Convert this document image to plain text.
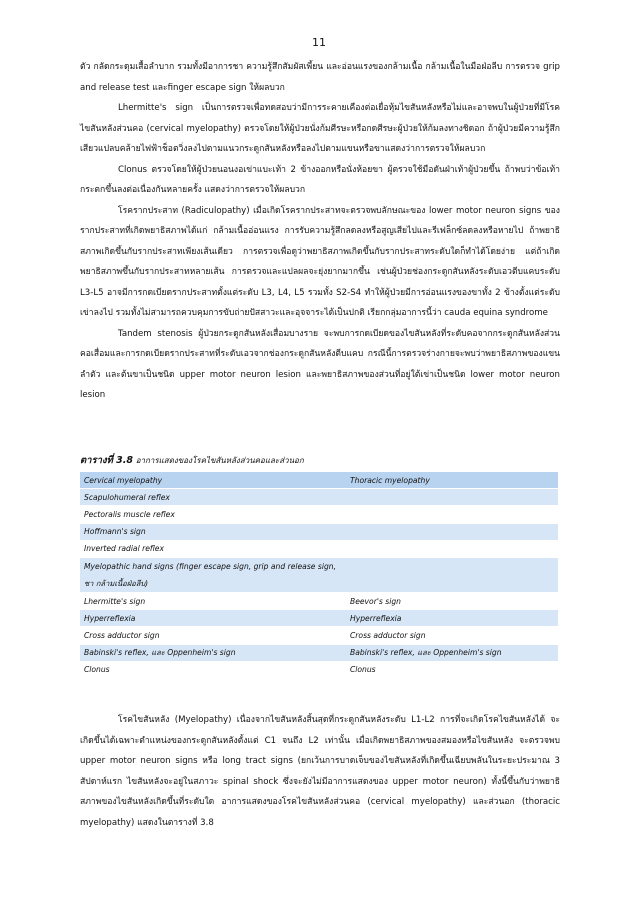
11

ตัว กลัดกระดุมเสื้อลำบาก รวมทั้งมีอาการชา ความรู้สึกสัมผัสเพี้ยน และอ่อนแรงของกล้ามเนื้อ กล้ามเนื้อในมือฝ่อลีบ การตรวจ grip and release test และfinger escape sign ให้ผลบวก

Lhermitte's sign เป็นการตรวจเพื่อทดสอบว่ามีการระคายเคืองต่อเยื่อหุ้มไขสันหลังหรือไม่และอาจพบในผู้ป่วยที่มีโรคไขสันหลังส่วนคอ (cervical myelopathy) ตรวจโดยให้ผู้ป่วยนั่งก้มศีรษะหรือกดศีรษะผู้ป่วยให้ก้มลงทางชิดอก ถ้าผู้ป่วยมีความรู้สึกเสียวแปลบคล้ายไฟฟ้าช็อตวิ่งลงไปตามแนวกระดูกสันหลังหรือลงไปตามแขนหรือขาแสดงว่าการตรวจให้ผลบวก

Clonus ตรวจโดยให้ผู้ป่วยนอนงอเข่าแบะเท้า 2 ข้างออกหรือนั่งห้อยขา ผู้ตรวจใช้มือดันฝ่าเท้าผู้ป่วยขึ้น ถ้าพบว่าข้อเท้ากระตกขึ้นลงต่อเนื่องกันหลายครั้ง แสดงว่าการตรวจให้ผลบวก

โรครากประสาท (Radiculopathy) เมื่อเกิดโรครากประสาทจะตรวจพบลักษณะของ lower motor neuron signs ของรากประสาทที่เกิดพยาธิสภาพได้แก่ กล้ามเนื้ออ่อนแรง การรับความรู้สึกลดลงหรือสูญเสียไปและรีเฟล็กซ์ลดลงหรือหายไป ถ้าพยาธิสภาพเกิดขึ้นกับรากประสาทเพียงเส้นเดียว การตรวจเพื่อดูว่าพยาธิสภาพเกิดขึ้นกับรากประสาทระดับใดก็ทำได้โดยง่าย แต่ถ้าเกิดพยาธิสภาพขึ้นกับรากประสาทหลายเส้น การตรวจและแปลผลจะยุ่งยากมากขึ้น เช่นผู้ป่วยช่องกระดูกสันหลังระดับเอวตีบแคบระดับ L3-L5 อาจมีการกดเบียดรากประสาทตั้งแต่ระดับ L3, L4, L5 รวมทั้ง S2-S4 ทำให้ผู้ป่วยมีการอ่อนแรงของขาทั้ง 2 ข้างตั้งแต่ระดับเข่าลงไป รวมทั้งไม่สามารถควบคุมการขับถ่ายปัสสาวะและอุจจาระได้เป็นปกติ เรียกกลุ่มอาการนี้ว่า cauda equina syndrome

Tandem stenosis ผู้ป่วยกระดูกสันหลังเสื่อมบางราย จะพบการกดเบียดของไขสันหลังที่ระดับคอจากกระดูกสันหลังส่วนคอเสื่อมและการกดเบียดรากประสาทที่ระดับเอวจากช่องกระดูกสันหลังตีบแคบ กรณีนี้การตรวจร่างกายจะพบว่าพยาธิสภาพของแขน ลำตัว และต้นขาเป็นชนิด upper motor neuron lesion และพยาธิสภาพของส่วนที่อยู่ใต้เข่าเป็นชนิด lower motor neuron lesion

ตารางที่ 3.8 อาการแสดงของโรคไขสันหลังส่วนคอและส่วนอก
Cervical myelopathy	Thoracic myelopathy
Scapulohumeral reflex	
Pectoralis muscle reflex	
Hoffmann's sign	
Inverted radial reflex	
Myelopathic hand signs (finger escape sign, grip and release sign, ชา กล้ามเนื้อฝ่อลีบ)	
Lhermitte's sign	Beevor's sign
Hyperreflexia	Hyperreflexia
Cross adductor sign	Cross adductor sign
Babinski's reflex, และ Oppenheim's sign	Babinski's reflex, และ Oppenheim's sign
Clonus	Clonus

โรคไขสันหลัง (Myelopathy) เนื่องจากไขสันหลังสิ้นสุดที่กระดูกสันหลังระดับ L1-L2 การที่จะเกิดโรคไขสันหลังได้ จะเกิดขึ้นได้เฉพาะตำแหน่งของกระดูกสันหลังตั้งแต่ C1 จนถึง L2 เท่านั้น เมื่อเกิดพยาธิสภาพของสมองหรือไขสันหลัง จะตรวจพบ upper motor neuron signs หรือ long tract signs (ยกเว้นการบาดเจ็บของไขสันหลังที่เกิดขึ้นเฉียบพลันในระยะประมาณ 3 สัปดาห์แรก ไขสันหลังจะอยู่ในสภาวะ spinal shock ซึ่งจะยังไม่มีอาการแสดงของ upper motor neuron) ทั้งนี้ขึ้นกับว่าพยาธิสภาพของไขสันหลังเกิดขึ้นที่ระดับใด อาการแสดงของโรคไขสันหลังส่วนคอ (cervical myelopathy) และส่วนอก (thoracic myelopathy) แสดงในตารางที่ 3.8
